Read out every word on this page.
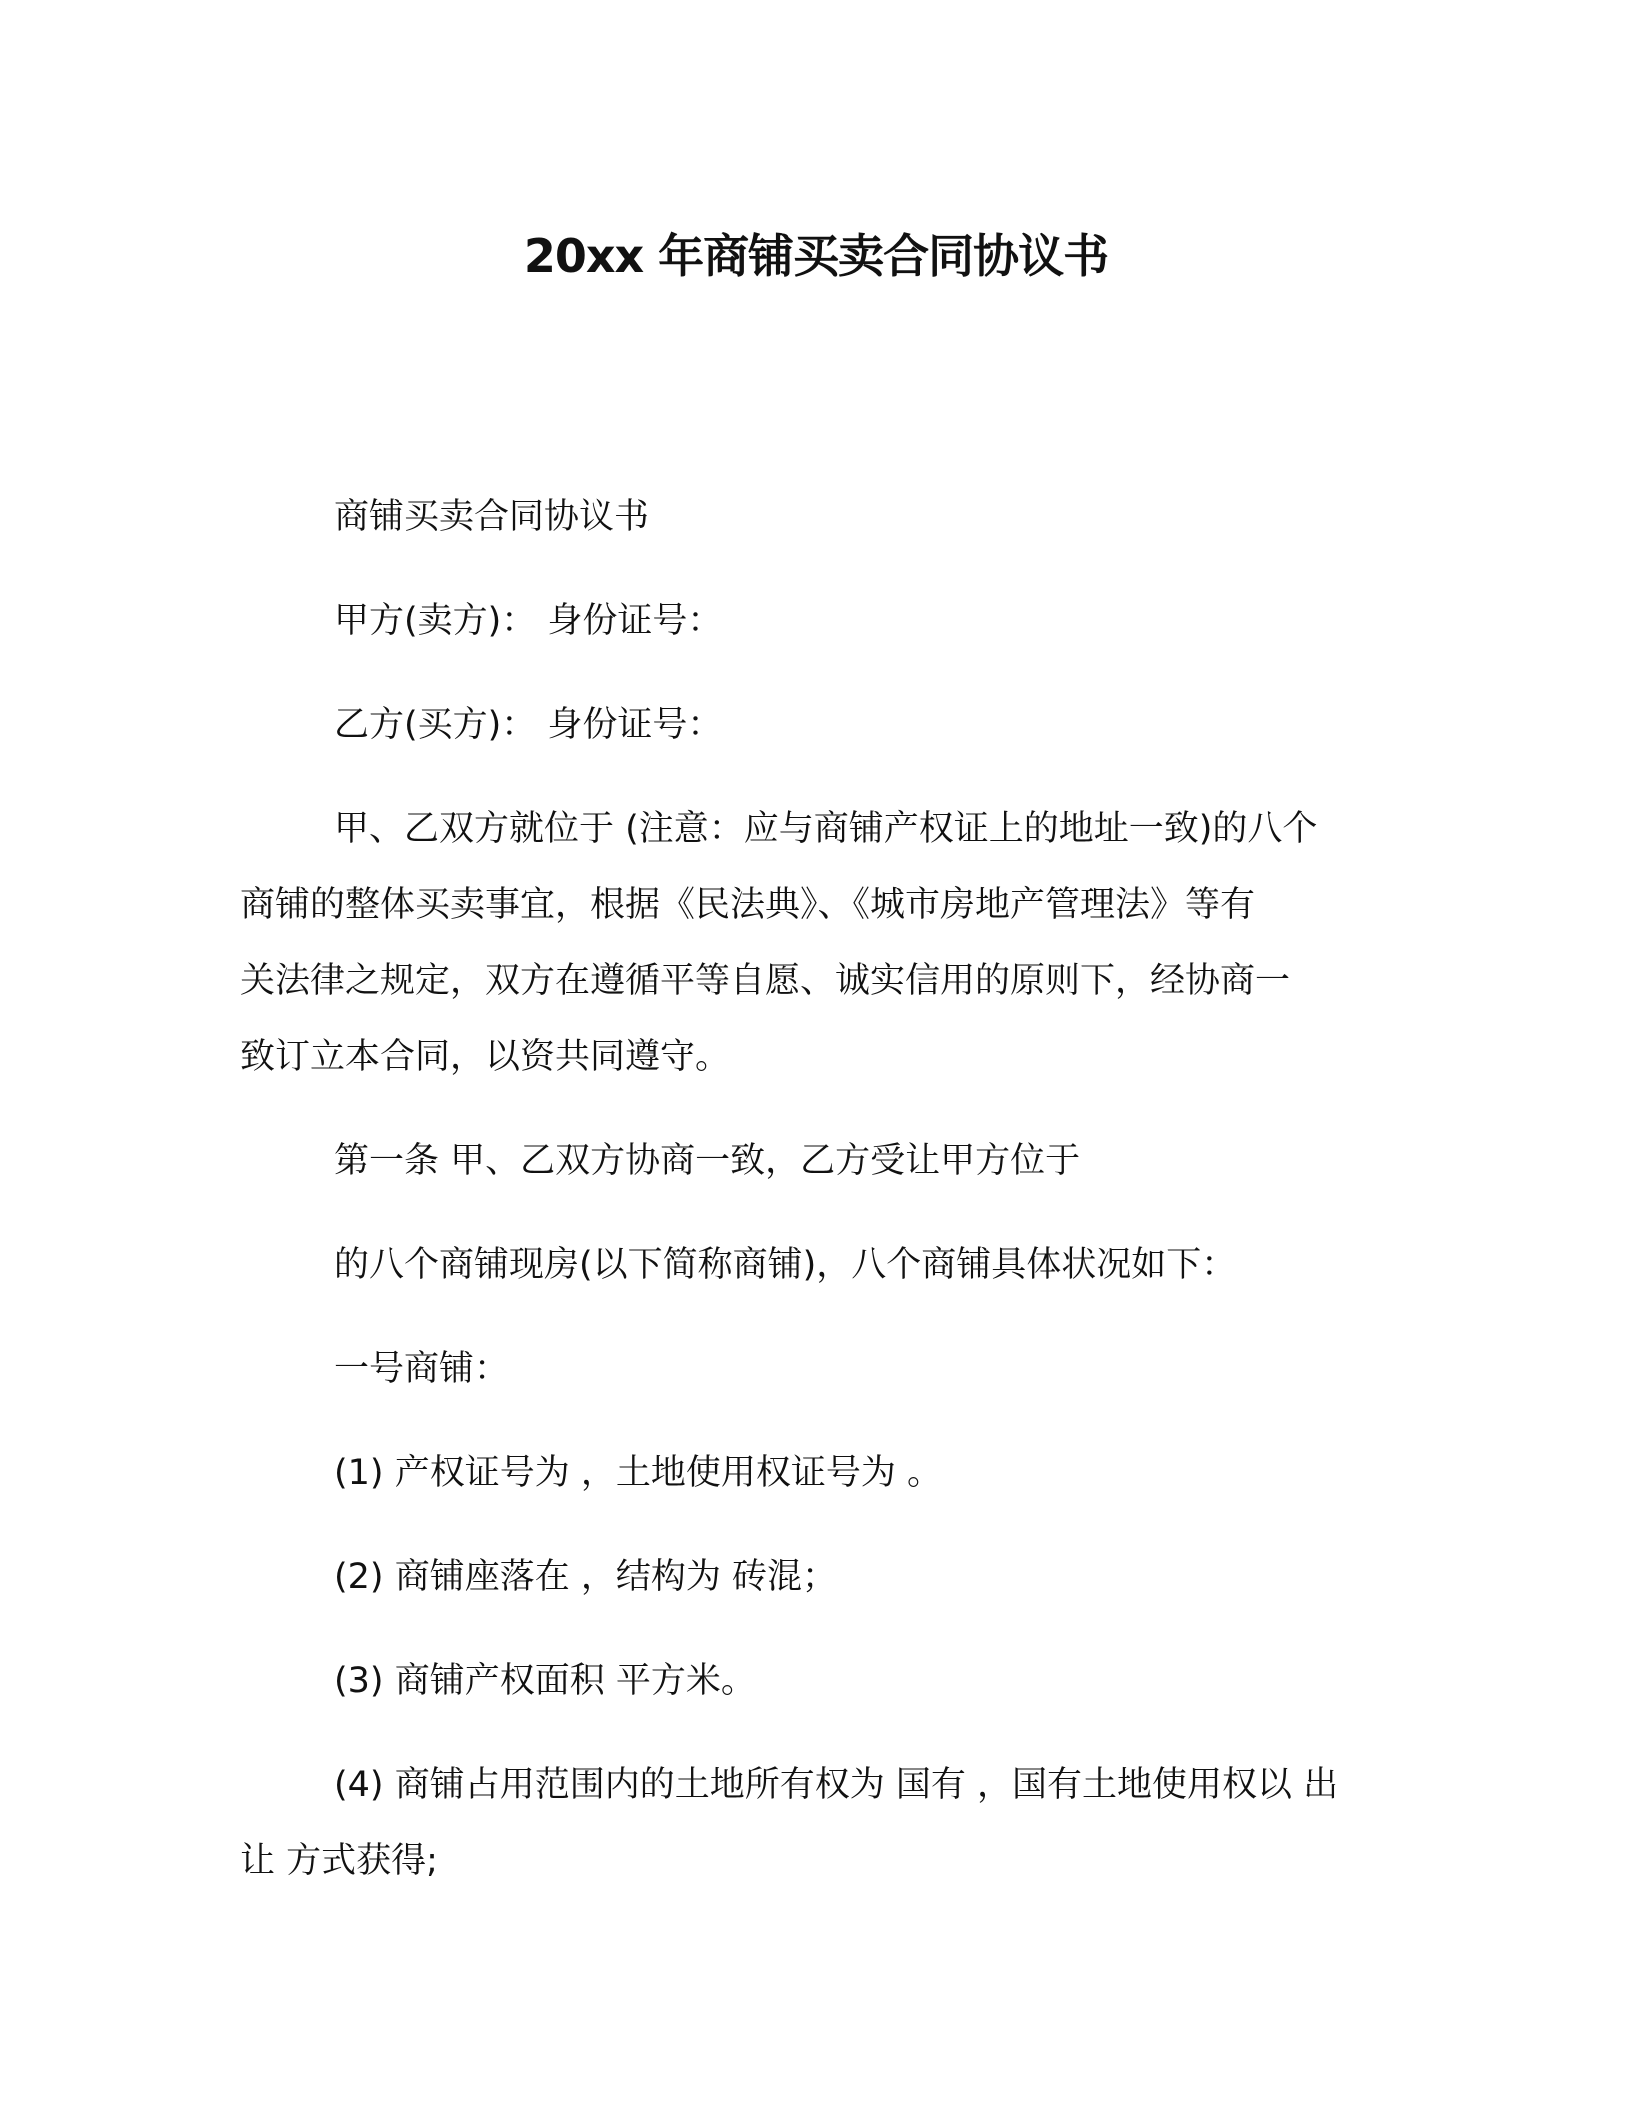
20xx 年商铺买卖合同协议书
商铺买卖合同协议书
甲方(卖方)： 身份证号：
乙方(买方)： 身份证号：
甲、乙双方就位于 (注意：应与商铺产权证上的地址一致)的八个
商铺的整体买卖事宜，根据《民法典》、《城市房地产管理法》等有
关法律之规定，双方在遵循平等自愿、诚实信用的原则下，经协商一
致订立本合同，以资共同遵守。
第一条 甲、乙双方协商一致，乙方受让甲方位于
的八个商铺现房(以下简称商铺)，八个商铺具体状况如下：
一号商铺：
(1) 产权证号为 ，土地使用权证号为 。
(2) 商铺座落在 ，结构为 砖混；
(3) 商铺产权面积 平方米。
(4) 商铺占用范围内的土地所有权为 国有 ，国有土地使用权以 出
让 方式获得;
